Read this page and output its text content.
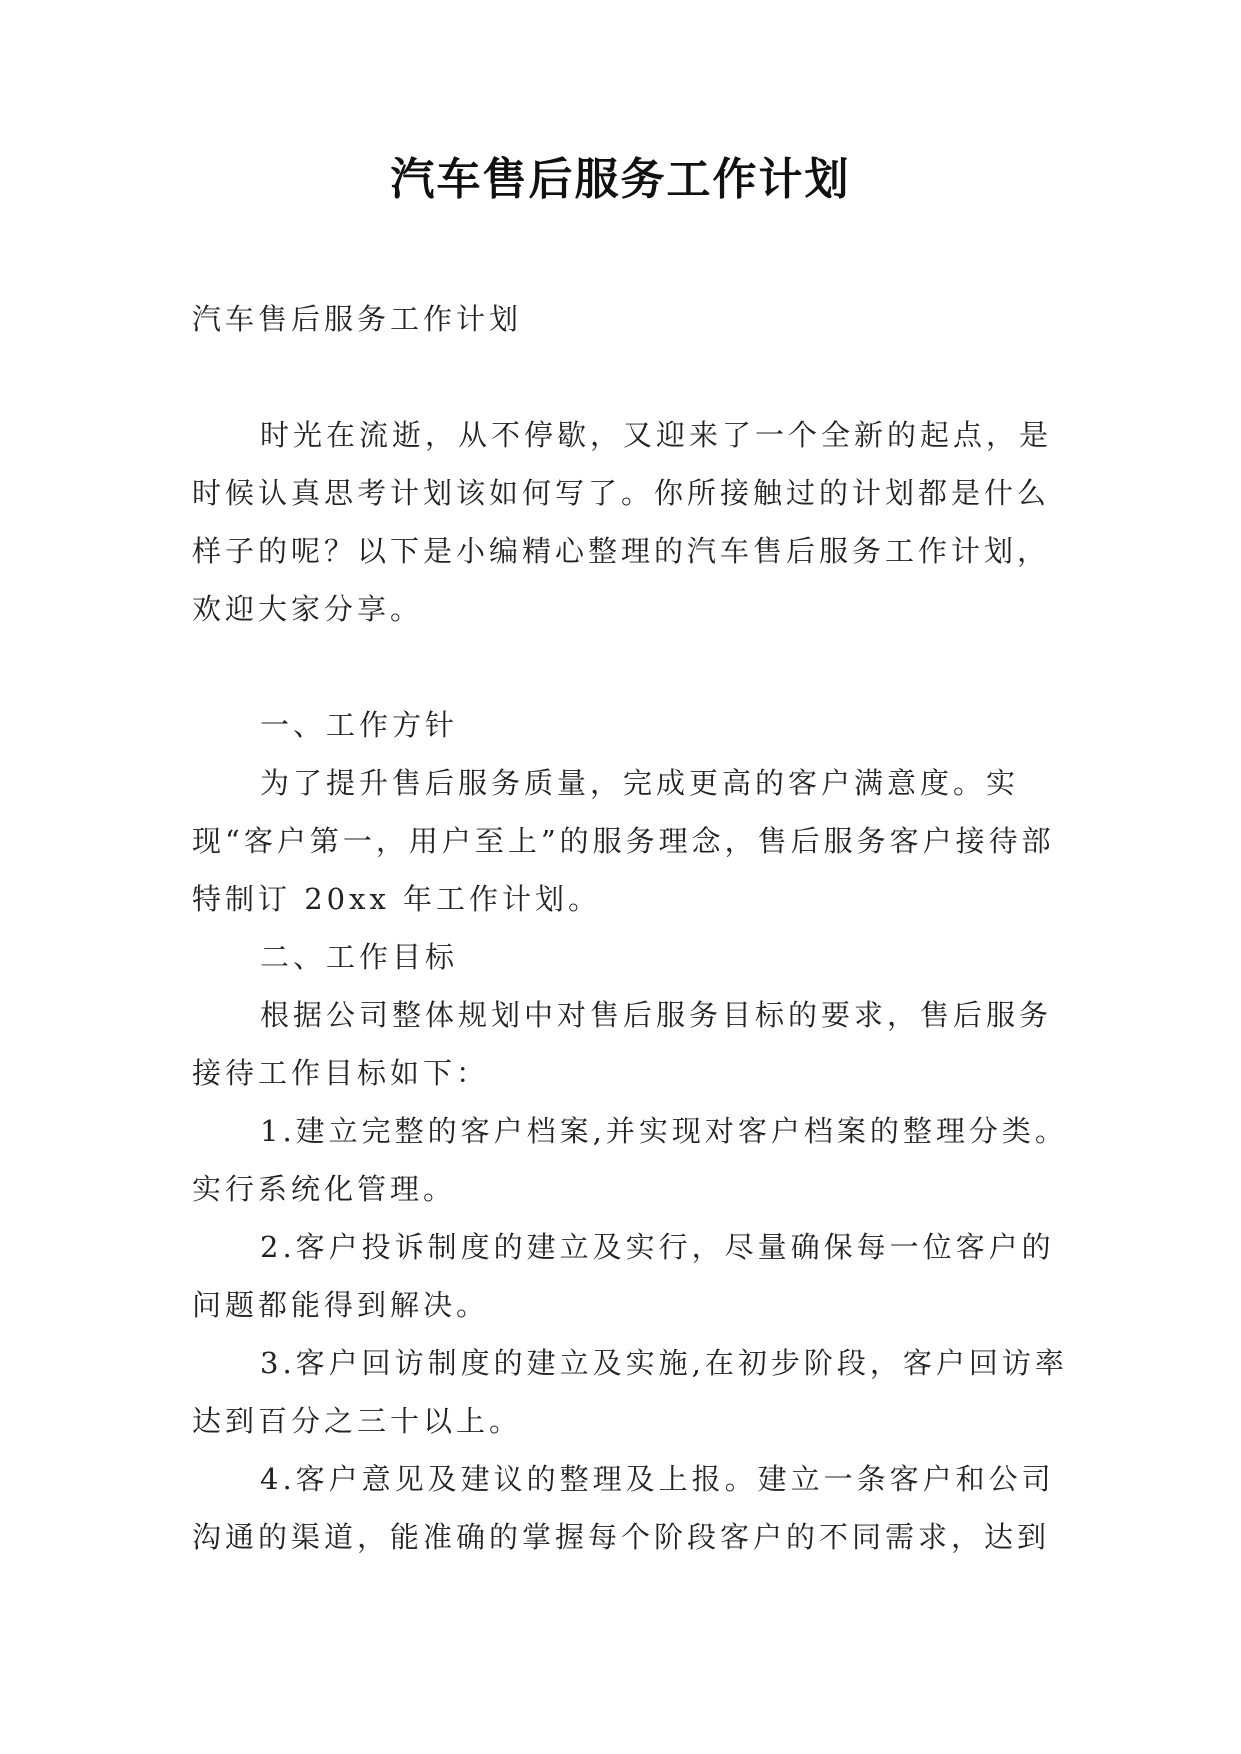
汽车售后服务工作计划

汽车售后服务工作计划

时光在流逝，从不停歇，又迎来了一个全新的起点，是时候认真思考计划该如何写了。你所接触过的计划都是什么样子的呢？以下是小编精心整理的汽车售后服务工作计划，欢迎大家分享。

一、工作方针

为了提升售后服务质量，完成更高的客户满意度。实现“客户第一，用户至上”的服务理念，售后服务客户接待部特制订 20xx 年工作计划。

二、工作目标

根据公司整体规划中对售后服务目标的要求，售后服务接待工作目标如下：

1.建立完整的客户档案,并实现对客户档案的整理分类。实行系统化管理。

2.客户投诉制度的建立及实行，尽量确保每一位客户的问题都能得到解决。

3.客户回访制度的建立及实施,在初步阶段，客户回访率达到百分之三十以上。

4.客户意见及建议的整理及上报。建立一条客户和公司沟通的渠道，能准确的掌握每个阶段客户的不同需求，达到
